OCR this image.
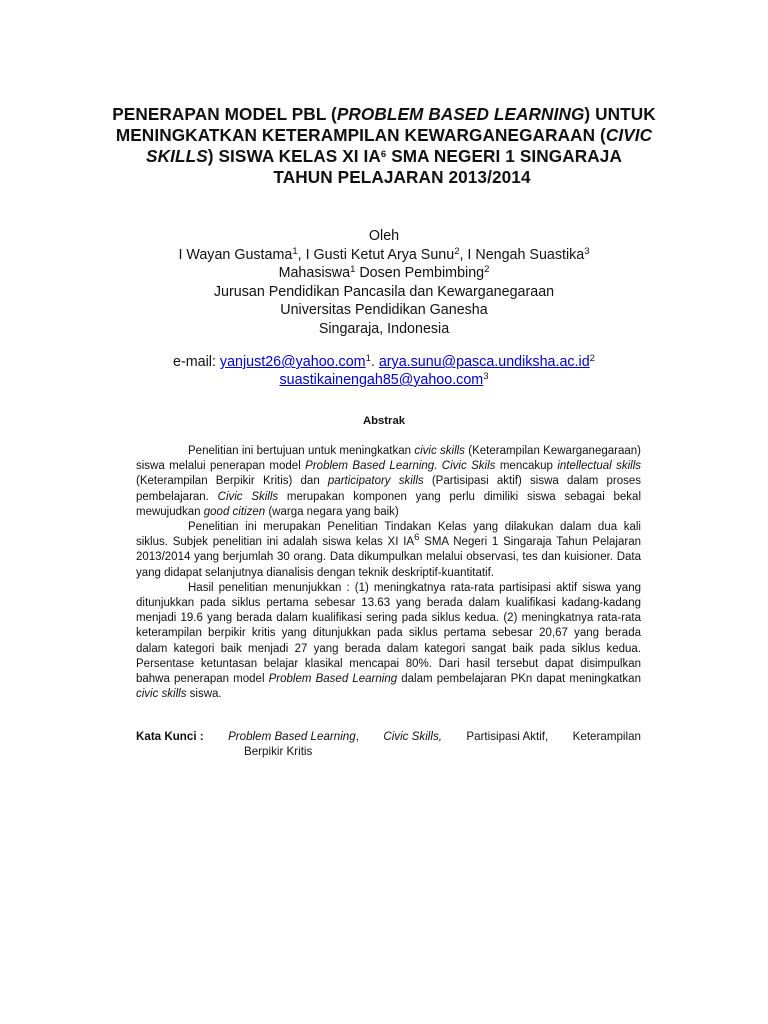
PENERAPAN MODEL PBL (PROBLEM BASED LEARNING) UNTUK
MENINGKATKAN KETERAMPILAN KEWARGANEGARAAN (CIVIC
SKILLS) SISWA KELAS XI $IA^6$ SMA NEGERI 1 SINGARAJA
TAHUN PELAJARAN 2013/2014
Oleh
I Wayan Gustama$^1$, I Gusti Ketut Arya Sunu$^2$, I Nengah Suastika$^3$
Mahasiswa$^1$ Dosen Pembimbing$^2$
Jurusan Pendidikan Pancasila dan Kewarganegaraan
Universitas Pendidikan Ganesha
Singaraja, Indonesia
e-mail: yanjust26@yahoo.com$^1$. $arya.sunu@pasca.undiksha.ac.id^2$
suastikainengah85@yahoo.com$^3$
Abstrak

Penelitian ini bertujuan untuk meningkatkan civic skills (Keterampilan Kewarganegaraan) siswa melalui penerapan model Problem Based Learning. Civic Skils mencakup intellectual skills (Keterampilan Berpikir Kritis) dan participatory skills (Partisipasi aktif) siswa dalam proses pembelajaran. Civic Skills merupakan komponen yang perlu dimiliki siswa sebagai bekal mewujudkan good citizen (warga negara yang baik)

Penelitian ini merupakan Penelitian Tindakan Kelas yang dilakukan dalam dua kali siklus. Subjek penelitian ini adalah siswa kelas XI $IA^6$ SMA Negeri 1 Singaraja Tahun Pelajaran 2013/2014 yang berjumlah 30 orang. Data dikumpulkan melalui observasi, tes dan kuisioner. Data yang didapat selanjutnya dianalisis dengan teknik deskriptif-kuantitatif.

Hasil penelitian menunjukkan : (1) meningkatnya rata-rata partisipasi aktif siswa yang ditunjukkan pada siklus pertama sebesar 13.63 yang berada dalam kualifikasi kadang-kadang menjadi 19.6 yang berada dalam kualifikasi sering pada siklus kedua. (2) meningkatnya rata-rata keterampilan berpikir kritis yang ditunjukkan pada siklus pertama sebesar 20,67 yang berada dalam kategori baik menjadi 27 yang berada dalam kategori sangat baik pada siklus kedua. Persentase ketuntasan belajar klasikal mencapai 80%. Dari hasil tersebut dapat disimpulkan bahwa penerapan model Problem Based Learning dalam pembelajaran PKn dapat meningkatkan civic skills siswa.

Kata Kunci : Problem Based Learning, Civic Skills, Partisipasi Aktif, Keterampilan
Berpikir Kritis
